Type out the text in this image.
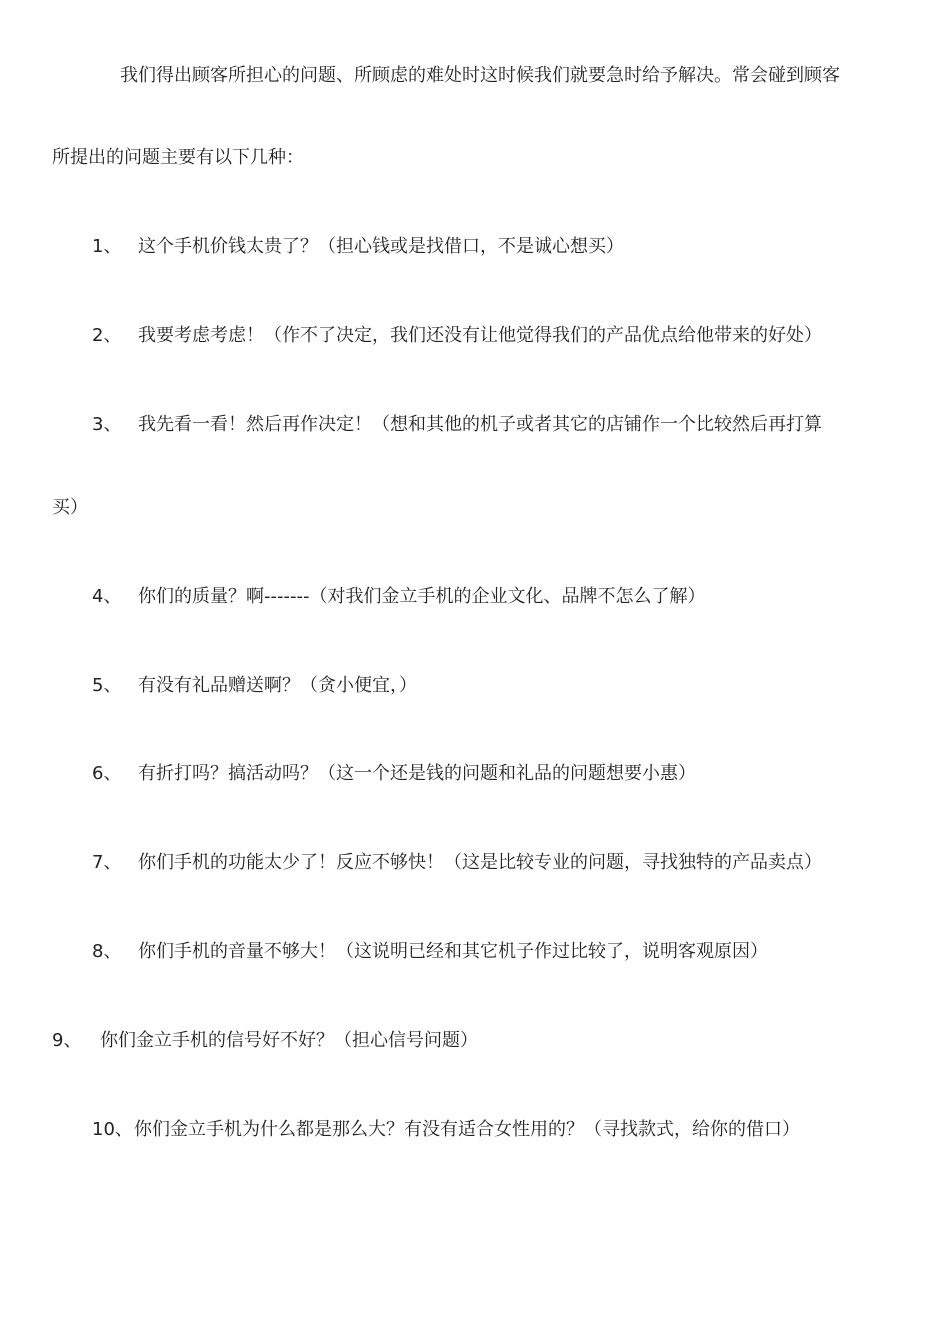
我们得出顾客所担心的问题、所顾虑的难处时这时候我们就要急时给予解决。常会碰到顾客
所提出的问题主要有以下几种：
1、 这个手机价钱太贵了？（担心钱或是找借口，不是诚心想买）
2、 我要考虑考虑！（作不了决定，我们还没有让他觉得我们的产品优点给他带来的好处）
3、 我先看一看！然后再作决定！（想和其他的机子或者其它的店铺作一个比较然后再打算
买）
4、 你们的质量？啊-------（对我们金立手机的企业文化、品牌不怎么了解）
5、 有没有礼品赠送啊？（贪小便宜，）
6、 有折打吗？搞活动吗？（这一个还是钱的问题和礼品的问题想要小惠）
7、 你们手机的功能太少了！反应不够快！（这是比较专业的问题，寻找独特的产品卖点）
8、 你们手机的音量不够大！（这说明已经和其它机子作过比较了，说明客观原因）
9、 你们金立手机的信号好不好？（担心信号问题）
10、 你们金立手机为什么都是那么大？有没有适合女性用的？（寻找款式，给你的借口）
